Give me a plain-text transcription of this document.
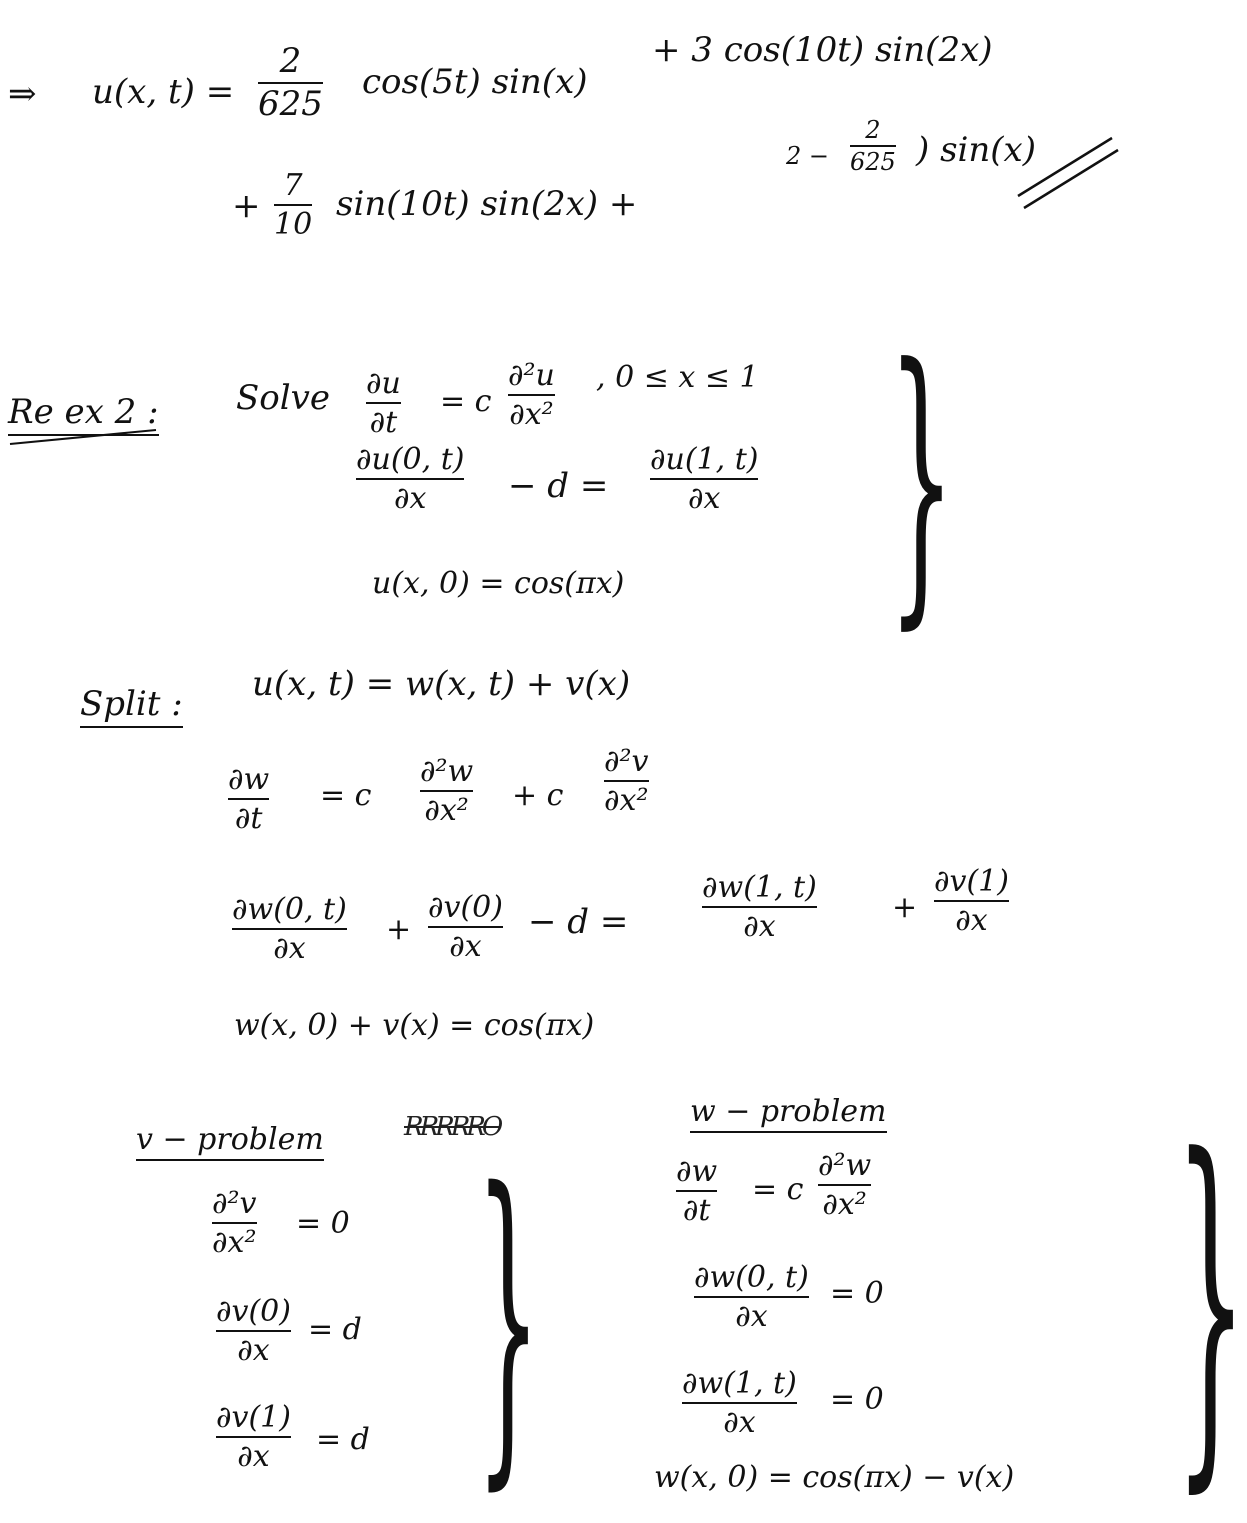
⇒ u(x, t) =
2
625
cos(5t) sin(x)
+ 3 cos(10t) sin(2x)
+
7
10 sin(10t) sin(2x) +
2 −
2
625 ) sin(x)
Re ex 2 : Solve ∂u
∂t
= c
∂²u
∂x²
, 0 ≤ x ≤ 1
∂u(0, t)
∂x − d =
∂u(1, t)
∂x
u(x, 0) = cos(πx) }
Split : u(x, t) = w(x, t) + v(x)
∂w
∂t
= c
∂²w
∂x² + c
∂²v
∂x²
∂w(0, t)
∂x
+
∂v(0)
∂x
− d =
∂w(1, t)
∂x
+
∂v(1)
∂x
w(x, 0) + v(x) = cos(πx)
v − problem	RRRRRO
∂²v
∂x²
= 0
∂v(0)
∂x
= d
∂v(1)
∂x = d }
w − problem
∂w
∂t
= c
∂²w
∂x²
∂w(0, t)
∂x
= 0
∂w(1, t)
∂x
= 0
w(x, 0) = cos(πx) − v(x) }
